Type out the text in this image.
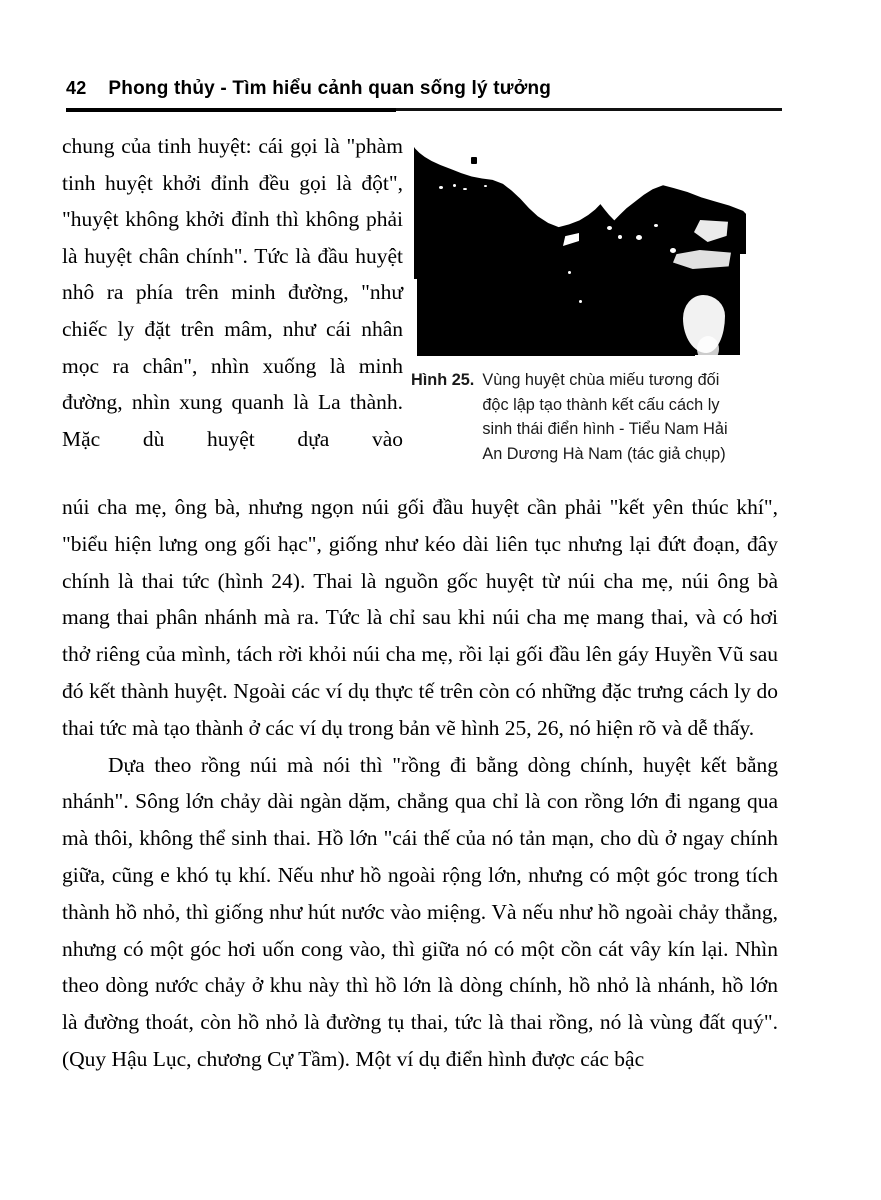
42 Phong thủy - Tìm hiểu cảnh quan sống lý tưởng
chung của tinh huyệt: cái gọi là "phàm tinh huyệt khởi đỉnh đều gọi là đột", "huyệt không khởi đỉnh thì không phải là huyệt chân chính". Tức là đầu huyệt nhô ra phía trên minh đường, "như chiếc ly đặt trên mâm, như cái nhân mọc ra chân", nhìn xuống là minh đường, nhìn xung quanh là La thành. Mặc dù huyệt dựa vào
Hình 25. Vùng huyệt chùa miếu tương đối độc lập tạo thành kết cấu cách ly sinh thái điển hình - Tiểu Nam Hải An Dương Hà Nam (tác giả chụp)

núi cha mẹ, ông bà, nhưng ngọn núi gối đầu huyệt cần phải "kết yên thúc khí", "biểu hiện lưng ong gối hạc", giống như kéo dài liên tục nhưng lại đứt đoạn, đây chính là thai tức (hình 24). Thai là nguồn gốc huyệt từ núi cha mẹ, núi ông bà mang thai phân nhánh mà ra. Tức là chỉ sau khi núi cha mẹ mang thai, và có hơi thở riêng của mình, tách rời khỏi núi cha mẹ, rồi lại gối đầu lên gáy Huyền Vũ sau đó kết thành huyệt. Ngoài các ví dụ thực tế trên còn có những đặc trưng cách ly do thai tức mà tạo thành ở các ví dụ trong bản vẽ hình 25, 26, nó hiện rõ và dễ thấy.

Dựa theo rồng núi mà nói thì "rồng đi bằng dòng chính, huyệt kết bằng nhánh". Sông lớn chảy dài ngàn dặm, chẳng qua chỉ là con rồng lớn đi ngang qua mà thôi, không thể sinh thai. Hồ lớn "cái thế của nó tản mạn, cho dù ở ngay chính giữa, cũng e khó tụ khí. Nếu như hồ ngoài rộng lớn, nhưng có một góc trong tích thành hồ nhỏ, thì giống như hút nước vào miệng. Và nếu như hồ ngoài chảy thẳng, nhưng có một góc hơi uốn cong vào, thì giữa nó có một cồn cát vây kín lại. Nhìn theo dòng nước chảy ở khu này thì hồ lớn là dòng chính, hồ nhỏ là nhánh, hồ lớn là đường thoát, còn hồ nhỏ là đường tụ thai, tức là thai rồng, nó là vùng đất quý". (Quy Hậu Lục, chương Cự Tầm). Một ví dụ điển hình được các bậc
